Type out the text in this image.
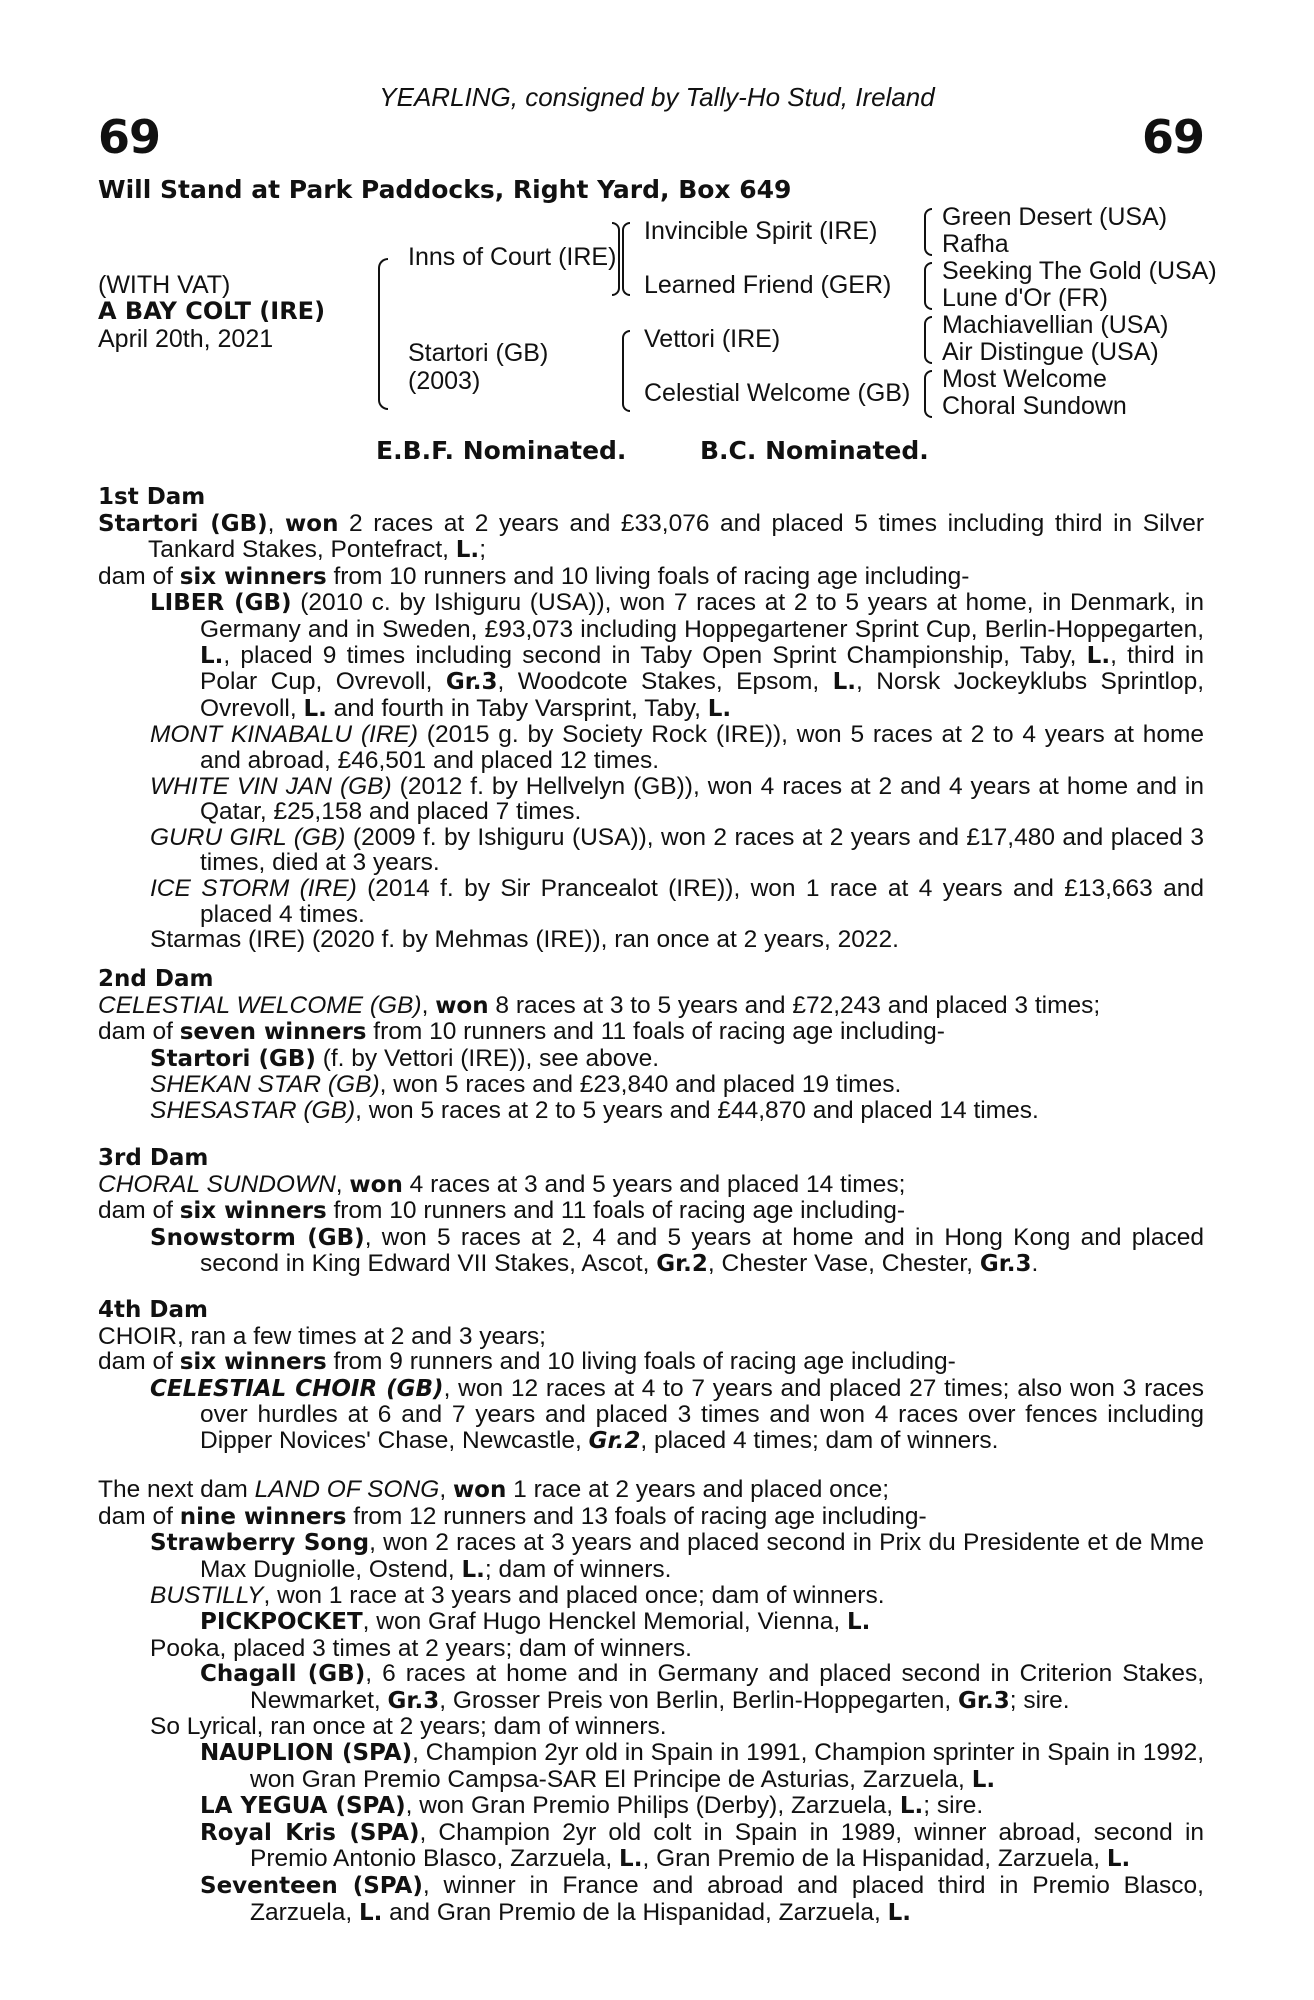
YEARLING, consigned by Tally-Ho Stud, Ireland
69	69
Will Stand at Park Paddocks, Right Yard, Box 649
(WITH VAT)
A BAY COLT (IRE)
April 20th, 2021
Inns of Court (IRE)
Startori (GB)
(2003)
Invincible Spirit (IRE)
Learned Friend (GER)
Vettori (IRE)
Celestial Welcome (GB)
Green Desert (USA)
Rafha
Seeking The Gold (USA)
Lune d'Or (FR)
Machiavellian (USA)
Air Distingue (USA)
Most Welcome
Choral Sundown
E.B.F. Nominated.	B.C. Nominated.

1st Dam

Startori (GB), won 2 races at 2 years and £33,076 and placed 5 times including third in Silver Tankard Stakes, Pontefract, L.;

dam of six winners from 10 runners and 10 living foals of racing age including-

LIBER (GB) (2010 c. by Ishiguru (USA)), won 7 races at 2 to 5 years at home, in Denmark, in Germany and in Sweden, £93,073 including Hoppegartener Sprint Cup, Berlin-Hoppegarten, L., placed 9 times including second in Taby Open Sprint Championship, Taby, L., third in Polar Cup, Ovrevoll, Gr.3, Woodcote Stakes, Epsom, L., Norsk Jockeyklubs Sprintlop, Ovrevoll, L. and fourth in Taby Varsprint, Taby, L.

MONT KINABALU (IRE) (2015 g. by Society Rock (IRE)), won 5 races at 2 to 4 years at home and abroad, £46,501 and placed 12 times.

WHITE VIN JAN (GB) (2012 f. by Hellvelyn (GB)), won 4 races at 2 and 4 years at home and in Qatar, £25,158 and placed 7 times.

GURU GIRL (GB) (2009 f. by Ishiguru (USA)), won 2 races at 2 years and £17,480 and placed 3 times, died at 3 years.

ICE STORM (IRE) (2014 f. by Sir Prancealot (IRE)), won 1 race at 4 years and £13,663 and placed 4 times.

Starmas (IRE) (2020 f. by Mehmas (IRE)), ran once at 2 years, 2022.

2nd Dam

CELESTIAL WELCOME (GB), won 8 races at 3 to 5 years and £72,243 and placed 3 times;

dam of seven winners from 10 runners and 11 foals of racing age including-

Startori (GB) (f. by Vettori (IRE)), see above.

SHEKAN STAR (GB), won 5 races and £23,840 and placed 19 times.

SHESASTAR (GB), won 5 races at 2 to 5 years and £44,870 and placed 14 times.

3rd Dam

CHORAL SUNDOWN, won 4 races at 3 and 5 years and placed 14 times;

dam of six winners from 10 runners and 11 foals of racing age including-

Snowstorm (GB), won 5 races at 2, 4 and 5 years at home and in Hong Kong and placed second in King Edward VII Stakes, Ascot, Gr.2, Chester Vase, Chester, Gr.3.

4th Dam

CHOIR, ran a few times at 2 and 3 years;

dam of six winners from 9 runners and 10 living foals of racing age including-

CELESTIAL CHOIR (GB), won 12 races at 4 to 7 years and placed 27 times; also won 3 races over hurdles at 6 and 7 years and placed 3 times and won 4 races over fences including Dipper Novices' Chase, Newcastle, Gr.2, placed 4 times; dam of winners.

The next dam LAND OF SONG, won 1 race at 2 years and placed once;

dam of nine winners from 12 runners and 13 foals of racing age including-

Strawberry Song, won 2 races at 3 years and placed second in Prix du Presidente et de Mme Max Dugniolle, Ostend, L.; dam of winners.

BUSTILLY, won 1 race at 3 years and placed once; dam of winners.

PICKPOCKET, won Graf Hugo Henckel Memorial, Vienna, L.

Pooka, placed 3 times at 2 years; dam of winners.

Chagall (GB), 6 races at home and in Germany and placed second in Criterion Stakes, Newmarket, Gr.3, Grosser Preis von Berlin, Berlin-Hoppegarten, Gr.3; sire.

So Lyrical, ran once at 2 years; dam of winners.

NAUPLION (SPA), Champion 2yr old in Spain in 1991, Champion sprinter in Spain in 1992, won Gran Premio Campsa-SAR El Principe de Asturias, Zarzuela, L.

LA YEGUA (SPA), won Gran Premio Philips (Derby), Zarzuela, L.; sire.

Royal Kris (SPA), Champion 2yr old colt in Spain in 1989, winner abroad, second in Premio Antonio Blasco, Zarzuela, L., Gran Premio de la Hispanidad, Zarzuela, L.

Seventeen (SPA), winner in France and abroad and placed third in Premio Blasco, Zarzuela, L. and Gran Premio de la Hispanidad, Zarzuela, L.
